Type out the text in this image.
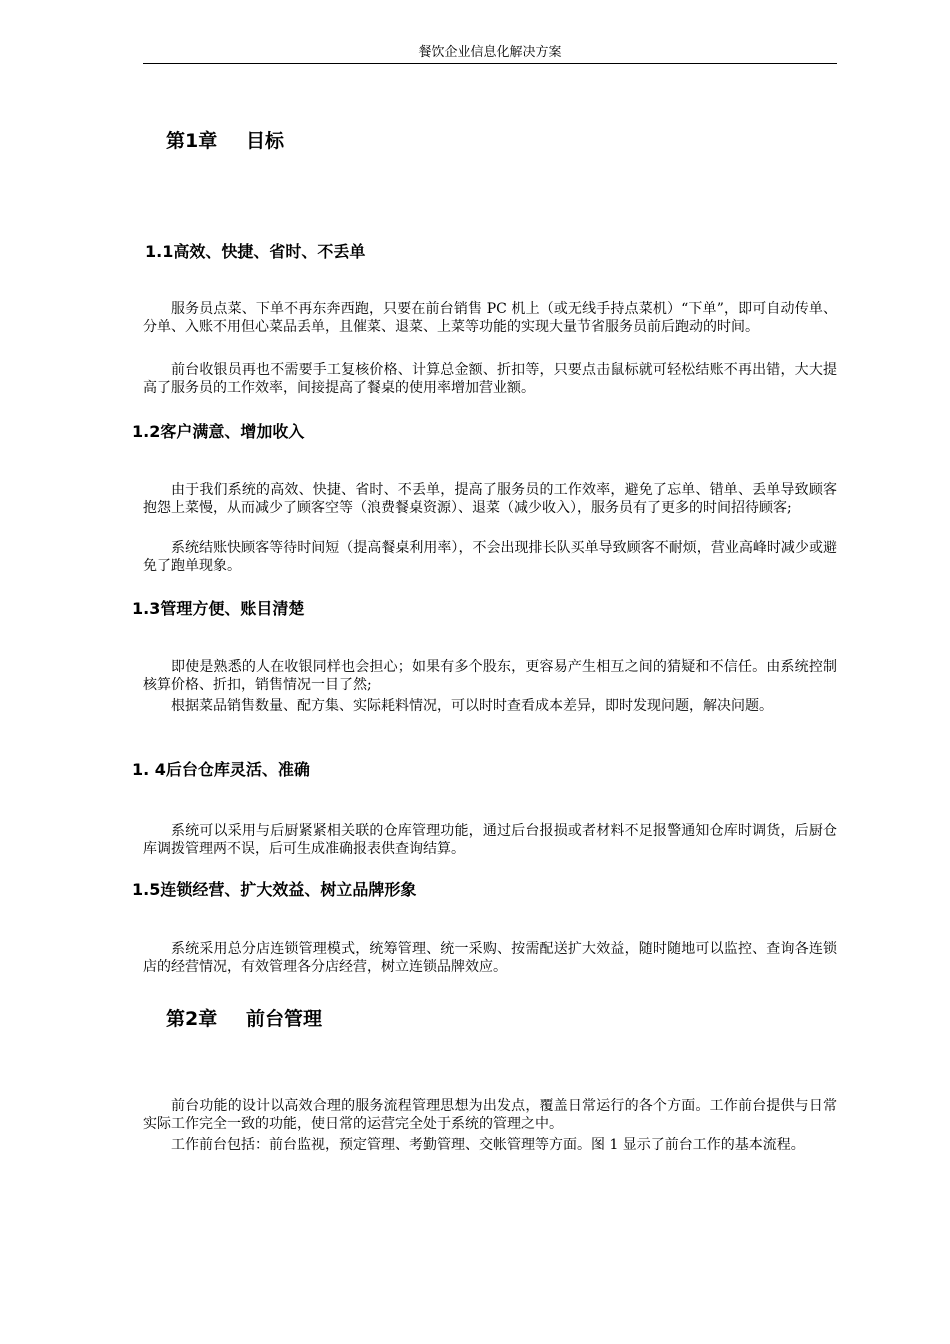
餐饮企业信息化解决方案
第1章 目标
1.1高效、快捷、省时、不丢单

服务员点菜、下单不再东奔西跑，只要在前台销售 PC 机上（或无线手持点菜机）“下单”，即可自动传单、分单、入账不用但心菜品丢单，且催菜、退菜、上菜等功能的实现大量节省服务员前后跑动的时间。

前台收银员再也不需要手工复核价格、计算总金额、折扣等，只要点击鼠标就可轻松结账不再出错，大大提高了服务员的工作效率，间接提高了餐桌的使用率增加营业额。

1.2客户满意、增加收入

由于我们系统的高效、快捷、省时、不丢单，提高了服务员的工作效率，避免了忘单、错单、丢单导致顾客抱怨上菜慢，从而减少了顾客空等（浪费餐桌资源）、退菜（减少收入），服务员有了更多的时间招待顾客;

系统结账快顾客等待时间短（提高餐桌利用率），不会出现排长队买单导致顾客不耐烦，营业高峰时减少或避免了跑单现象。

1.3管理方便、账目清楚

即使是熟悉的人在收银同样也会担心；如果有多个股东，更容易产生相互之间的猜疑和不信任。由系统控制核算价格、折扣，销售情况一目了然;

根据菜品销售数量、配方集、实际耗料情况，可以时时查看成本差异，即时发现问题，解决问题。

1. 4后台仓库灵活、准确

系统可以采用与后厨紧紧相关联的仓库管理功能，通过后台报损或者材料不足报警通知仓库时调货，后厨仓库调拨管理两不误，后可生成准确报表供查询结算。

1.5连锁经营、扩大效益、树立品牌形象

系统采用总分店连锁管理模式，统筹管理、统一采购、按需配送扩大效益，随时随地可以监控、查询各连锁店的经营情况，有效管理各分店经营，树立连锁品牌效应。

第2章 前台管理

前台功能的设计以高效合理的服务流程管理思想为出发点，覆盖日常运行的各个方面。工作前台提供与日常实际工作完全一致的功能，使日常的运营完全处于系统的管理之中。

工作前台包括：前台监视，预定管理、考勤管理、交帐管理等方面。图 1 显示了前台工作的基本流程。
